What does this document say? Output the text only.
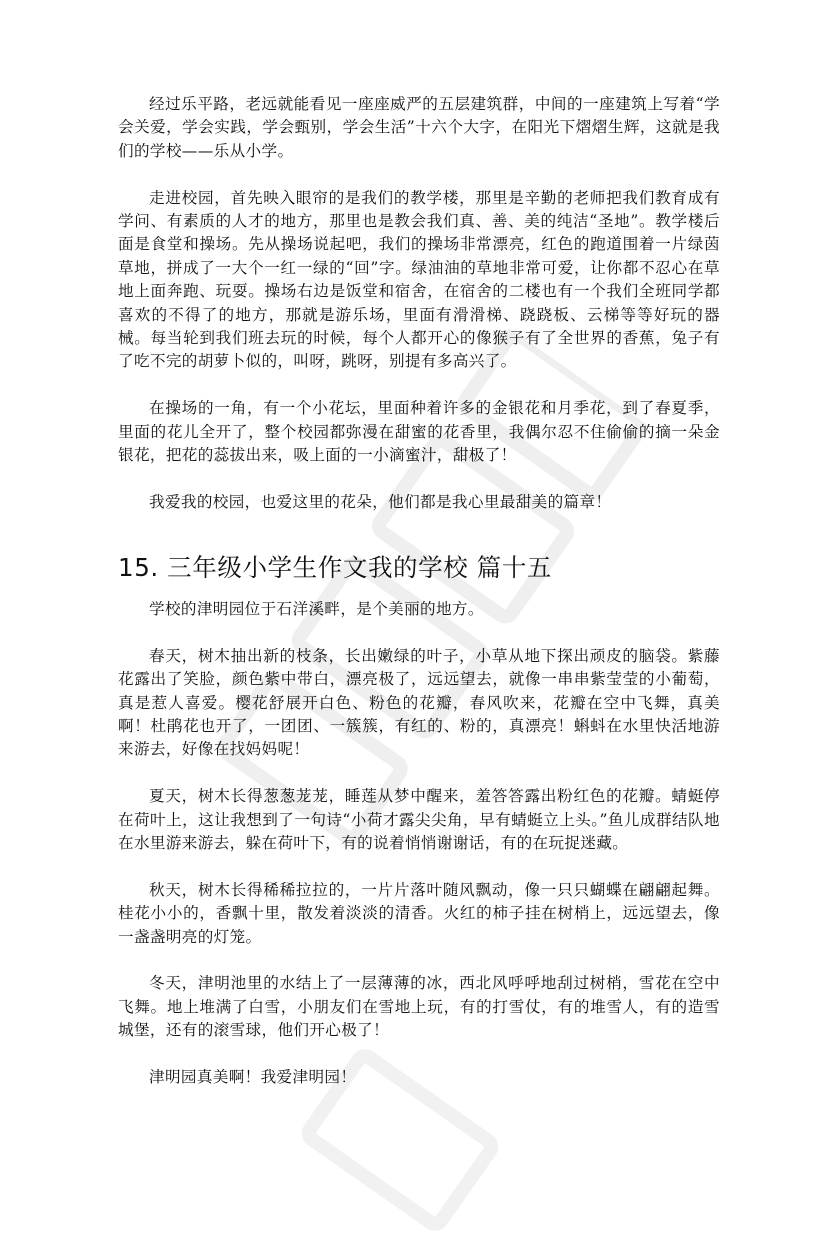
经过乐平路，老远就能看见一座座威严的五层建筑群，中间的一座建筑上写着“学会关爱，学会实践，学会甄别，学会生活”十六个大字，在阳光下熠熠生辉，这就是我们的学校——乐从小学。

走进校园，首先映入眼帘的是我们的教学楼，那里是辛勤的老师把我们教育成有学问、有素质的人才的地方，那里也是教会我们真、善、美的纯洁“圣地”。教学楼后面是食堂和操场。先从操场说起吧，我们的操场非常漂亮，红色的跑道围着一片绿茵草地，拼成了一大个一红一绿的“回”字。绿油油的草地非常可爱，让你都不忍心在草地上面奔跑、玩耍。操场右边是饭堂和宿舍，在宿舍的二楼也有一个我们全班同学都喜欢的不得了的地方，那就是游乐场，里面有滑滑梯、跷跷板、云梯等等好玩的器械。每当轮到我们班去玩的时候，每个人都开心的像猴子有了全世界的香蕉，兔子有了吃不完的胡萝卜似的，叫呀，跳呀，别提有多高兴了。

在操场的一角，有一个小花坛，里面种着许多的金银花和月季花，到了春夏季，里面的花儿全开了，整个校园都弥漫在甜蜜的花香里，我偶尔忍不住偷偷的摘一朵金银花，把花的蕊拔出来，吸上面的一小滴蜜汁，甜极了！

我爱我的校园，也爱这里的花朵，他们都是我心里最甜美的篇章！

15. 三年级小学生作文我的学校 篇十五

学校的津明园位于石洋溪畔，是个美丽的地方。

春天，树木抽出新的枝条，长出嫩绿的叶子，小草从地下探出顽皮的脑袋。紫藤花露出了笑脸，颜色紫中带白，漂亮极了，远远望去，就像一串串紫莹莹的小葡萄，真是惹人喜爱。樱花舒展开白色、粉色的花瓣，春风吹来，花瓣在空中飞舞，真美啊！杜鹃花也开了，一团团、一簇簇，有红的、粉的，真漂亮！蝌蚪在水里快活地游来游去，好像在找妈妈呢！

夏天，树木长得葱葱茏茏，睡莲从梦中醒来，羞答答露出粉红色的花瓣。蜻蜓停在荷叶上，这让我想到了一句诗“小荷才露尖尖角，早有蜻蜓立上头。”鱼儿成群结队地在水里游来游去，躲在荷叶下，有的说着悄悄谢谢话，有的在玩捉迷藏。

秋天，树木长得稀稀拉拉的，一片片落叶随风飘动，像一只只蝴蝶在翩翩起舞。桂花小小的，香飘十里，散发着淡淡的清香。火红的柿子挂在树梢上，远远望去，像一盏盏明亮的灯笼。

冬天，津明池里的水结上了一层薄薄的冰，西北风呼呼地刮过树梢，雪花在空中飞舞。地上堆满了白雪，小朋友们在雪地上玩，有的打雪仗，有的堆雪人，有的造雪城堡，还有的滚雪球，他们开心极了！

津明园真美啊！我爱津明园！
